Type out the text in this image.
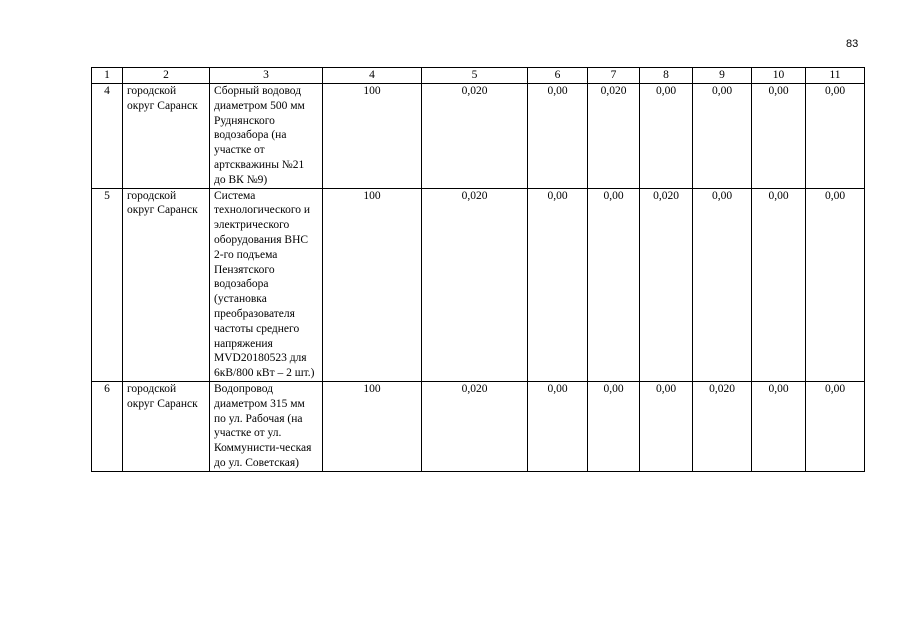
83
1	2	3	4	5	6	7	8	9	10	11
4	городской округ Саранск	Сборный водовод диаметром 500 мм Руднянского водозабора (на участке от артскважины №21 до ВК №9)	100	0,020	0,00	0,020	0,00	0,00	0,00	0,00
5	городской округ Саранск	Система технологического и электрического оборудования ВНС 2-го подъема Пензятского водозабора (установка преобразователя частоты среднего напряжения MVD20180523 для 6кВ/800 кВт – 2 шт.)	100	0,020	0,00	0,00	0,020	0,00	0,00	0,00
6	городской округ Саранск	Водопровод диаметром 315 мм по ул. Рабочая (на участке от ул. Коммунисти-ческая до ул. Советская)	100	0,020	0,00	0,00	0,00	0,020	0,00	0,00
